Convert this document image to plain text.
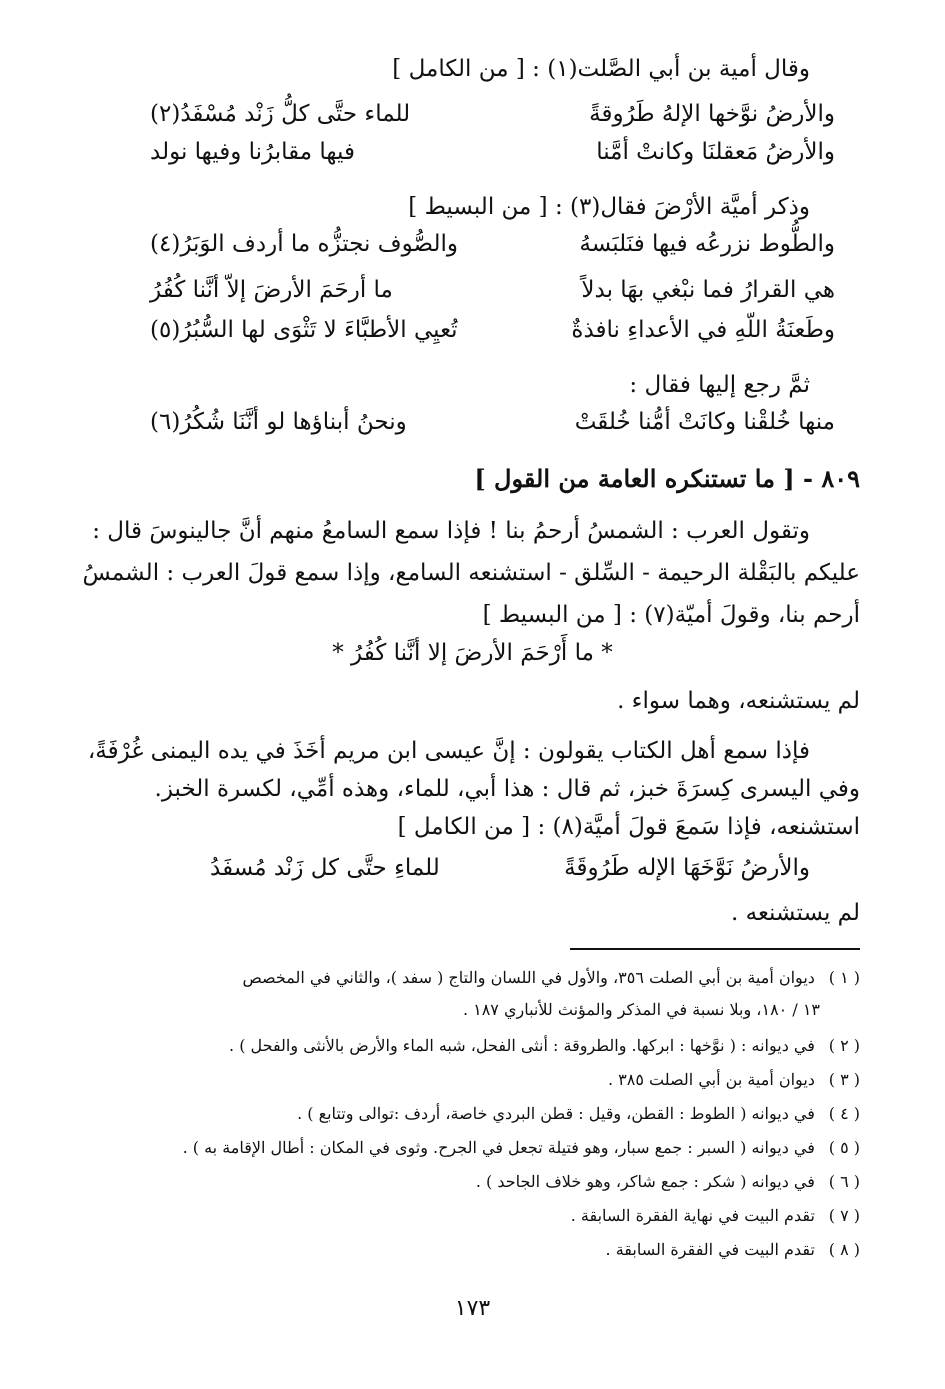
وقال أمية بن أبي الصَّلت(١) : [ من الكامل ]
والأرضُ نوَّخها الإلهُ طَرُوقةً
للماء حتَّى كلُّ زَنْد مُسْفَدُ(٢)
والأرضُ مَعقلنَا وكانتْ أمَّنا
فيها مقابرُنا وفيها نولد
وذكر أميَّة الأرْضَ فقال(٣) : [ من البسيط ]
والطُّوط نزرعُه فيها فنَلبَسهُ
والصُّوف نجتزُّه ما أردف الوَبَرُ(٤)
هي القرارُ فما نبْغي بهَا بدلاً
ما أرحَمَ الأرضَ إلاّ أنَّنا كُفُرُ
وطَعنَةُ اللّهِ في الأعداءِ نافذةٌ
تُعيِي الأطبَّاءَ لا تَثْوَى لها السُّبُرُ(٥)
ثمَّ رجع إليها فقال :
منها خُلقْنا وكانَتْ أمُّنا خُلقَتْ
ونحنُ أبناؤها لو أنَّنَا شُكُرُ(٦)
٨٠٩ - [ ما تستنكره العامة من القول ]
وتقول العرب : الشمسُ أرحمُ بنا ! فإذا سمع السامعُ منهم أنَّ جالينوسَ قال :
عليكم بالبَقْلة الرحيمة - السِّلق - استشنعه السامع، وإذا سمع قولَ العرب : الشمسُ
أرحم بنا، وقولَ أميّة(٧) : [ من البسيط ]
* ما أَرْحَمَ الأرضَ إلا أنَّنا كُفُرُ *
لم يستشنعه، وهما سواء .
فإذا سمع أهل الكتاب يقولون : إنَّ عيسى ابن مريم أخَذَ في يده اليمنى غُرْفَةً،
وفي اليسرى كِسرَةَ خبز، ثم قال : هذا أبي، للماء، وهذه أمِّي، لكسرة الخبز.
استشنعه، فإذا سَمعَ قولَ أميَّة(٨) : [ من الكامل ]
والأرضُ نَوَّخَهَا الإله طَرُوقَةً
للماءِ حتَّى كل زَنْد مُسفَدُ
لم يستشنعه .
( ١ ) ديوان أمية بن أبي الصلت ٣٥٦، والأول في اللسان والتاج ( سفد )، والثاني في المخصص
١٣ / ١٨٠، وبلا نسبة في المذكر والمؤنث للأنباري ١٨٧ .
( ٢ ) في ديوانه : ( نوَّخها : ابركها. والطروقة : أنثى الفحل، شبه الماء والأرض بالأنثى والفحل ) .
( ٣ ) ديوان أمية بن أبي الصلت ٣٨٥ .
( ٤ ) في ديوانه ( الطوط : القطن، وقيل : قطن البردي خاصة، أردف :توالى وتتابع ) .
( ٥ ) في ديوانه ( السبر : جمع سبار، وهو فتيلة تجعل في الجرح. وثوى في المكان : أطال الإقامة به ) .
( ٦ ) في ديوانه ( شكر : جمع شاكر، وهو خلاف الجاحد ) .
( ٧ ) تقدم البيت في نهاية الفقرة السابقة .
( ٨ ) تقدم البيت في الفقرة السابقة .
١٧٣
